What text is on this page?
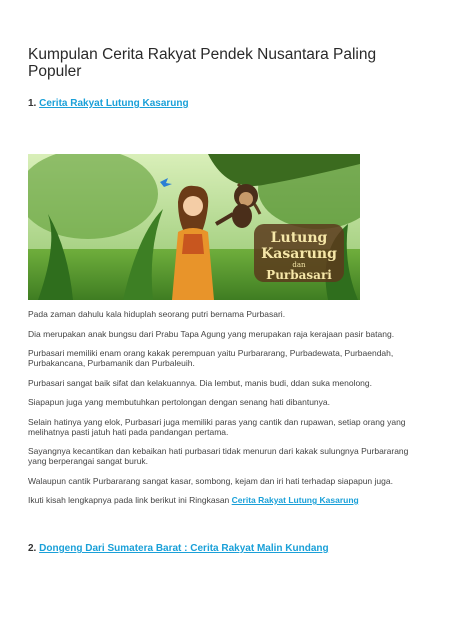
Kumpulan Cerita Rakyat Pendek Nusantara Paling Populer
1. Cerita Rakyat Lutung Kasarung
Lutung
Kasarung
dan
Purbasari

Pada zaman dahulu kala hiduplah seorang putri bernama Purbasari.

Dia merupakan anak bungsu dari Prabu Tapa Agung yang merupakan raja kerajaan pasir batang.

Purbasari memiliki enam orang kakak perempuan yaitu Purbararang, Purbadewata, Purbaendah, Purbakancana, Purbamanik dan Purbaleuih.

Purbasari sangat baik sifat dan kelakuannya. Dia lembut, manis budi, ddan suka menolong.

Siapapun juga yang membutuhkan pertolongan dengan senang hati dibantunya.

Selain hatinya yang elok, Purbasari juga memiliki paras yang cantik dan rupawan, setiap orang yang melihatnya pasti jatuh hati pada pandangan pertama.

Sayangnya kecantikan dan kebaikan hati purbasari tidak menurun dari kakak sulungnya Purbararang yang berperangai sangat buruk.

Walaupun cantik Purbararang sangat kasar, sombong, kejam dan iri hati terhadap siapapun juga.

Ikuti kisah lengkapnya pada link berikut ini Ringkasan Cerita Rakyat Lutung Kasarung

2. Dongeng Dari Sumatera Barat : Cerita Rakyat Malin Kundang
